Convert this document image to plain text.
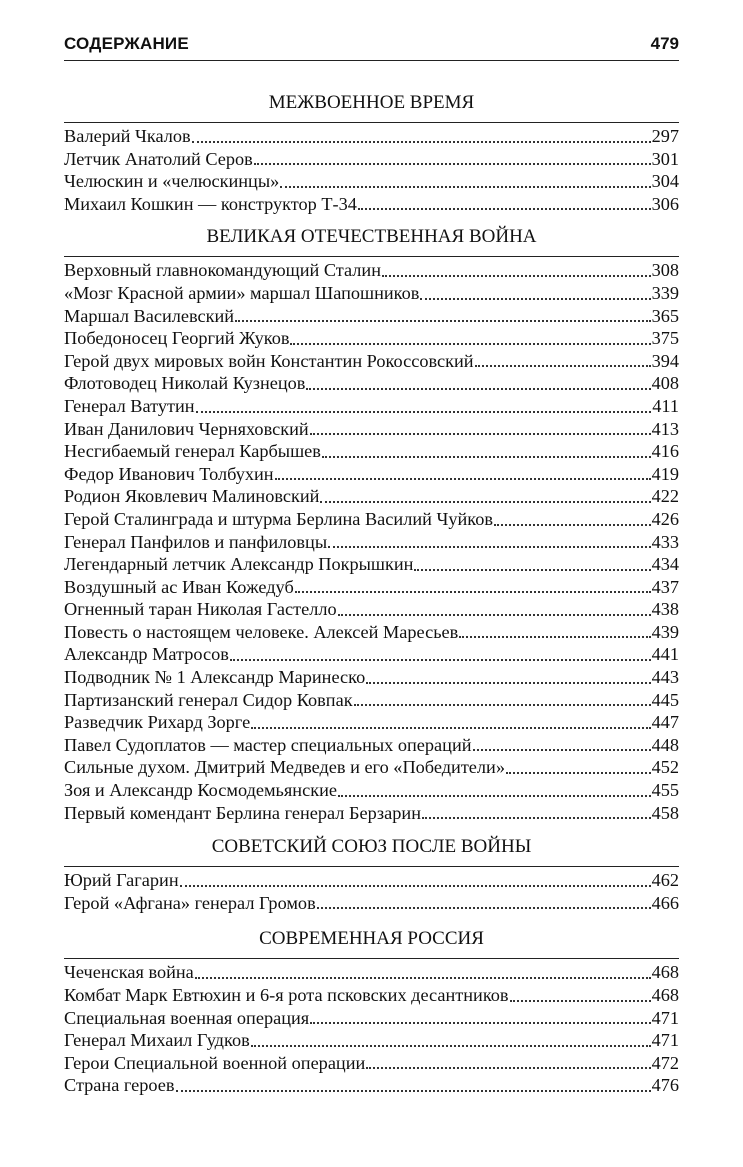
СОДЕРЖАНИЕ	479
МЕЖВОЕННОЕ ВРЕМЯ
Валерий Чкалов	297
Летчик Анатолий Серов	301
Челюскин и «челюскинцы»	304
Михаил Кошкин — конструктор Т-34	306
ВЕЛИКАЯ ОТЕЧЕСТВЕННАЯ ВОЙНА
Верховный главнокомандующий Сталин	308
«Мозг Красной армии» маршал Шапошников	339
Маршал Василевский	365
Победоносец Георгий Жуков	375
Герой двух мировых войн Константин Рокоссовский	394
Флотоводец Николай Кузнецов	408
Генерал Ватутин	411
Иван Данилович Черняховский	413
Несгибаемый генерал Карбышев	416
Федор Иванович Толбухин	419
Родион Яковлевич Малиновский	422
Герой Сталинграда и штурма Берлина Василий Чуйков	426
Генерал Панфилов и панфиловцы	433
Легендарный летчик Александр Покрышкин	434
Воздушный ас Иван Кожедуб	437
Огненный таран Николая Гастелло	438
Повесть о настоящем человеке. Алексей Маресьев	439
Александр Матросов	441
Подводник № 1 Александр Маринеско	443
Партизанский генерал Сидор Ковпак	445
Разведчик Рихард Зорге	447
Павел Судоплатов — мастер специальных операций	448
Сильные духом. Дмитрий Медведев и его «Победители»	452
Зоя и Александр Космодемьянские	455
Первый комендант Берлина генерал Берзарин	458
СОВЕТСКИЙ СОЮЗ ПОСЛЕ ВОЙНЫ
Юрий Гагарин	462
Герой «Афгана» генерал Громов	466
СОВРЕМЕННАЯ РОССИЯ
Чеченская война	468
Комбат Марк Евтюхин и 6-я рота псковских десантников	468
Специальная военная операция	471
Генерал Михаил Гудков	471
Герои Специальной военной операции	472
Страна героев	476
